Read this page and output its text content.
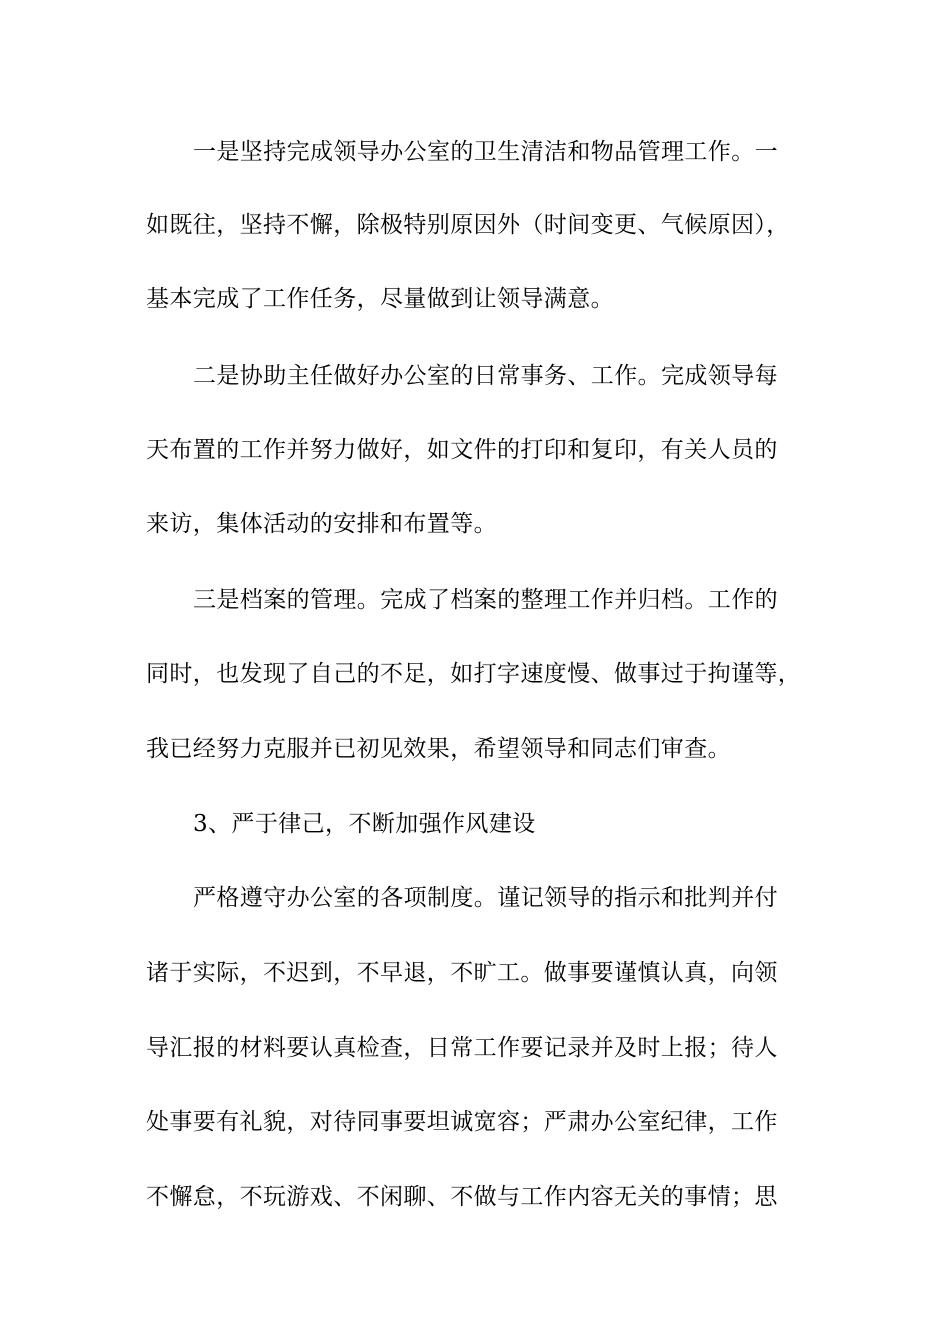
一是坚持完成领导办公室的卫生清洁和物品管理工作。一
如既往，坚持不懈，除极特别原因外（时间变更、气候原因），
基本完成了工作任务，尽量做到让领导满意。
二是协助主任做好办公室的日常事务、工作。完成领导每
天布置的工作并努力做好，如文件的打印和复印，有关人员的
来访，集体活动的安排和布置等。
三是档案的管理。完成了档案的整理工作并归档。工作的
同时，也发现了自己的不足，如打字速度慢、做事过于拘谨等，
我已经努力克服并已初见效果，希望领导和同志们审查。
3、严于律己，不断加强作风建设
严格遵守办公室的各项制度。谨记领导的指示和批判并付
诸于实际，不迟到，不早退，不旷工。做事要谨慎认真，向领
导汇报的材料要认真检查，日常工作要记录并及时上报；待人
处事要有礼貌，对待同事要坦诚宽容；严肃办公室纪律，工作
不懈怠，不玩游戏、不闲聊、不做与工作内容无关的事情；思
